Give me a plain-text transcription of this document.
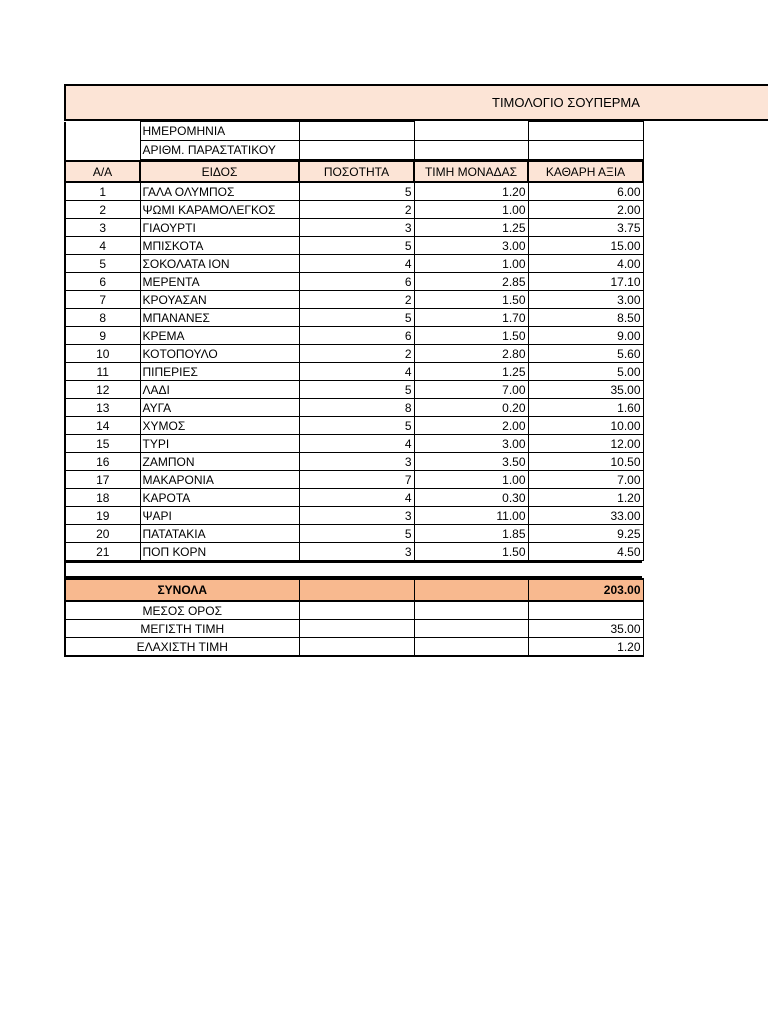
ΤΙΜΟΛΟΓΙΟ ΣΟΥΠΕΡΜΑ
	ΗΜΕΡΟΜΗΝΙΑ			
	ΑΡΙΘΜ. ΠΑΡΑΣΤΑΤΙΚΟΥ			
Α/Α	ΕΙΔΟΣ	ΠΟΣΟΤΗΤΑ	ΤΙΜΗ ΜΟΝΑΔΑΣ	ΚΑΘΑΡΗ ΑΞΙΑ
1	ΓΑΛΑ ΟΛΥΜΠΟΣ	5	1.20	6.00
2	ΨΩΜΙ ΚΑΡΑΜΟΛΕΓΚΟΣ	2	1.00	2.00
3	ΓΙΑΟΥΡΤΙ	3	1.25	3.75
4	ΜΠΙΣΚΟΤΑ	5	3.00	15.00
5	ΣΟΚΟΛΑΤΑ ΙΟΝ	4	1.00	4.00
6	ΜΕΡΕΝΤΑ	6	2.85	17.10
7	ΚΡΟΥΑΣΑΝ	2	1.50	3.00
8	ΜΠΑΝΑΝΕΣ	5	1.70	8.50
9	ΚΡΕΜΑ	6	1.50	9.00
10	ΚΟΤΟΠΟΥΛΟ	2	2.80	5.60
11	ΠΙΠΕΡΙΕΣ	4	1.25	5.00
12	ΛΑΔΙ	5	7.00	35.00
13	ΑΥΓΑ	8	0.20	1.60
14	ΧΥΜΟΣ	5	2.00	10.00
15	ΤΥΡΙ	4	3.00	12.00
16	ΖΑΜΠΟΝ	3	3.50	10.50
17	ΜΑΚΑΡΟΝΙΑ	7	1.00	7.00
18	ΚΑΡΟΤΑ	4	0.30	1.20
19	ΨΑΡΙ	3	11.00	33.00
20	ΠΑΤΑΤΑΚΙΑ	5	1.85	9.25
21	ΠΟΠ ΚΟΡΝ	3	1.50	4.50
ΣΥΝΟΛΑ			203.00
ΜΕΣΟΣ ΟΡΟΣ			
ΜΕΓΙΣΤΗ ΤΙΜΗ			35.00
ΕΛΑΧΙΣΤΗ ΤΙΜΗ			1.20
